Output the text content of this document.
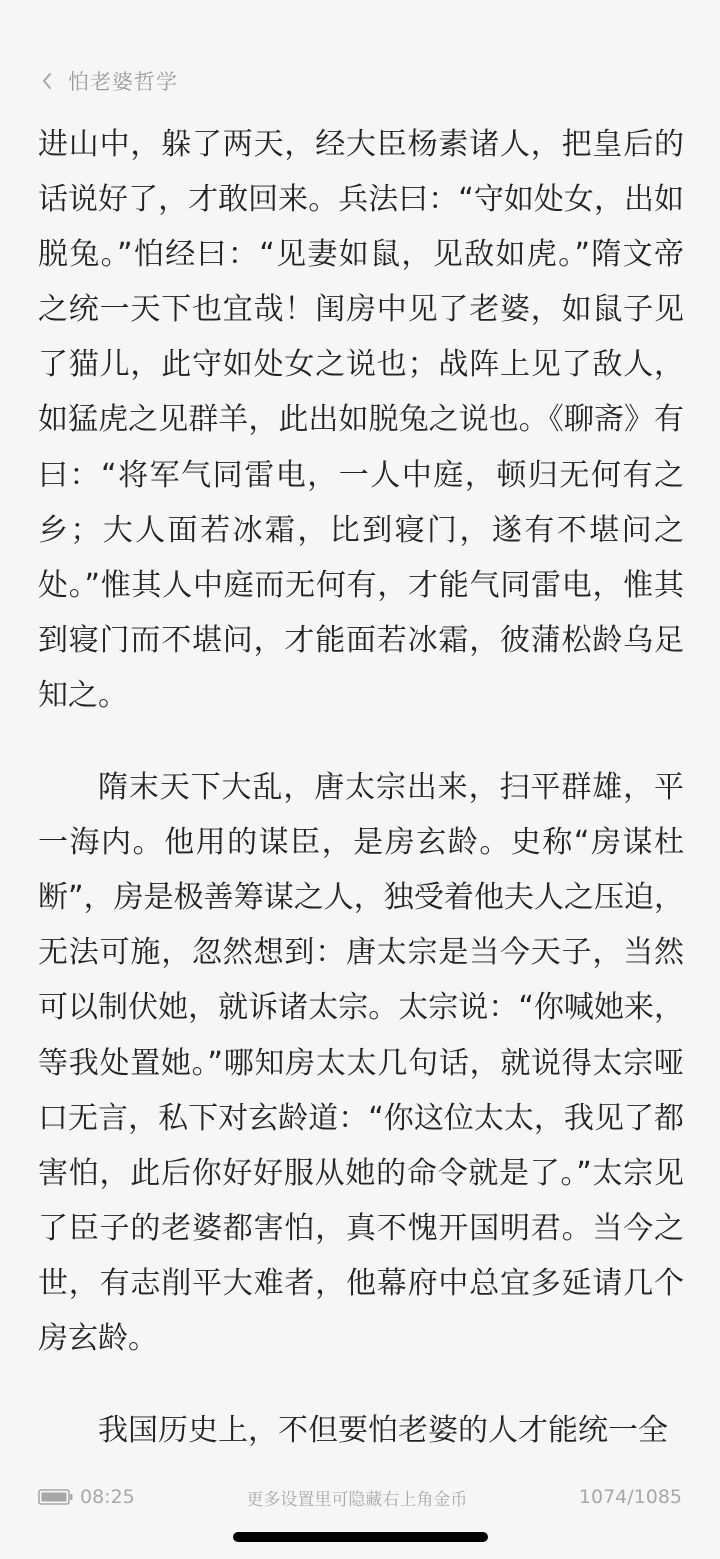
怕老婆哲学

进山中，躲了两天，经大臣杨素诸人，把皇后的话说好了，才敢回来。兵法曰：“守如处女，出如脱兔。”怕经曰：“见妻如鼠，见敌如虎。”隋文帝之统一天下也宜哉！闺房中见了老婆，如鼠子见了猫儿，此守如处女之说也；战阵上见了敌人，如猛虎之见群羊，此出如脱兔之说也。《聊斋》有曰：“将军气同雷电，一人中庭，顿归无何有之乡；大人面若冰霜，比到寝门，遂有不堪问之处。”惟其人中庭而无何有，才能气同雷电，惟其到寝门而不堪问，才能面若冰霜，彼蒲松龄乌足知之。

隋末天下大乱，唐太宗出来，扫平群雄，平一海内。他用的谋臣，是房玄龄。史称“房谋杜断”，房是极善筹谋之人，独受着他夫人之压迫，无法可施，忽然想到：唐太宗是当今天子，当然可以制伏她，就诉诸太宗。太宗说：“你喊她来，等我处置她。”哪知房太太几句话，就说得太宗哑口无言，私下对玄龄道：“你这位太太，我见了都害怕，此后你好好服从她的命令就是了。”太宗见了臣子的老婆都害怕，真不愧开国明君。当今之世，有志削平大难者，他幕府中总宜多延请几个房玄龄。

我国历史上，不但要怕老婆的人才能统一全

08:25	更多设置里可隐藏右上角金币	1074/1085
